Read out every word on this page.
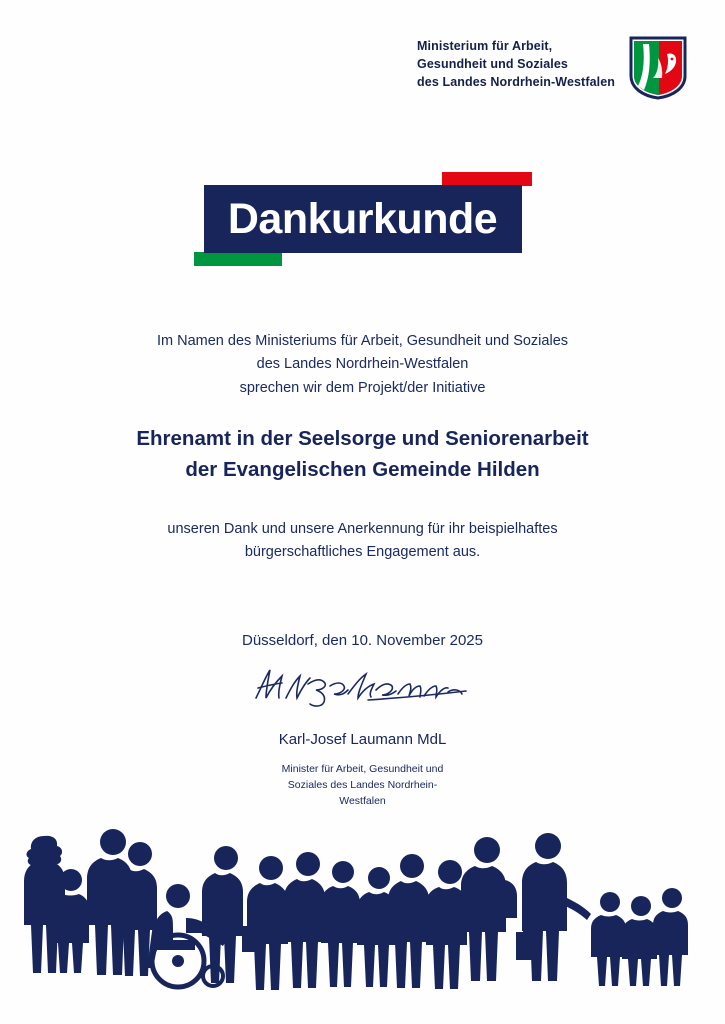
Ministerium für Arbeit,
Gesundheit und Soziales
des Landes Nordrhein-Westfalen
Dankurkunde
Im Namen des Ministeriums für Arbeit, Gesundheit und Soziales
des Landes Nordrhein-Westfalen
sprechen wir dem Projekt/der Initiative
Ehrenamt in der Seelsorge und Seniorenarbeit
der Evangelischen Gemeinde Hilden
unseren Dank und unsere Anerkennung für ihr beispielhaftes
bürgerschaftliches Engagement aus.
Düsseldorf, den 10. November 2025
Karl-Josef Laumann MdL
Minister für Arbeit, Gesundheit und
Soziales des Landes Nordrhein-
Westfalen
